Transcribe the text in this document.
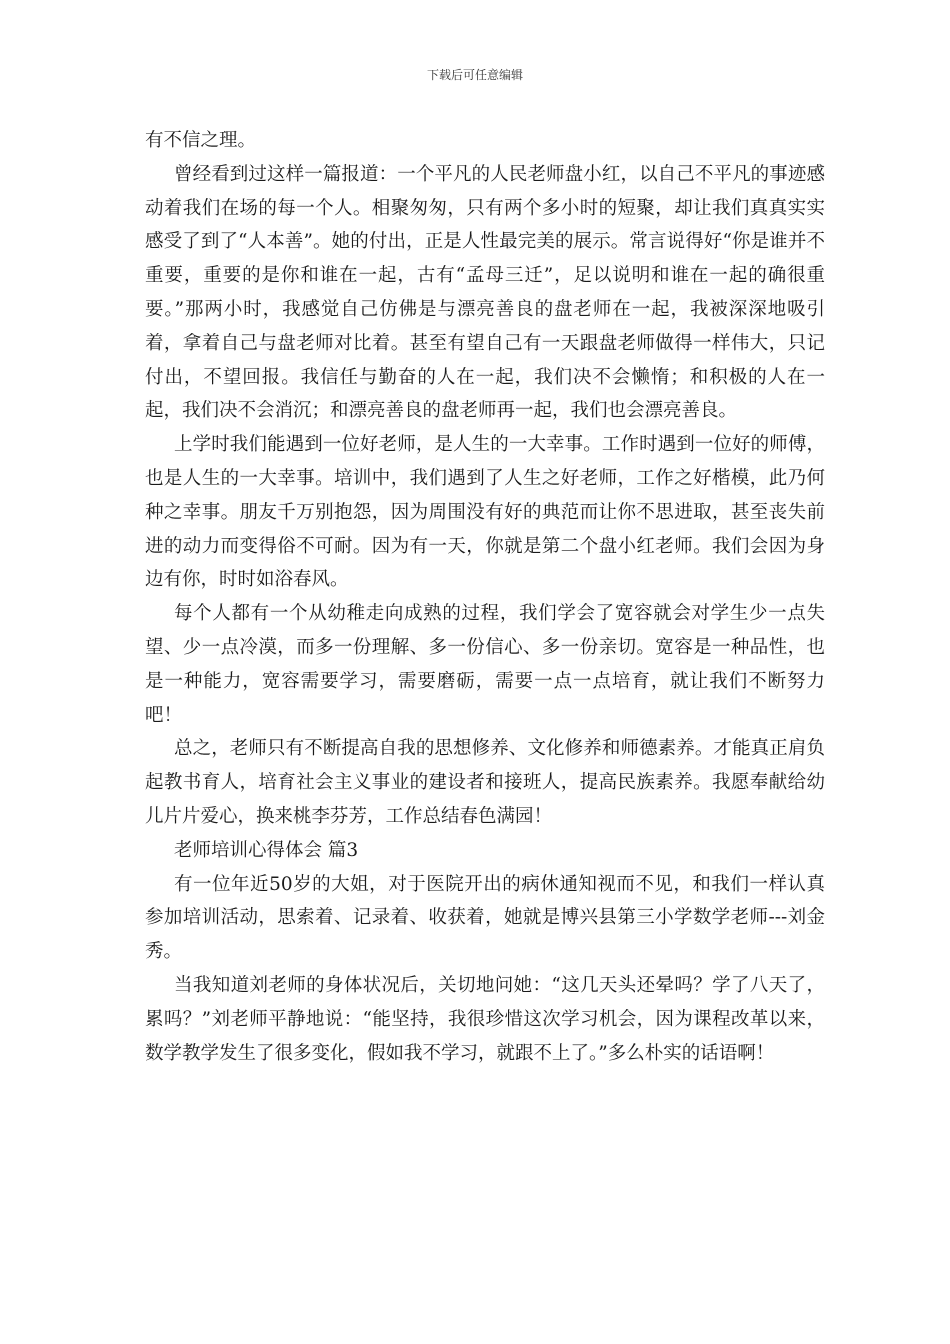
下载后可任意编辑

有不信之理。

曾经看到过这样一篇报道：一个平凡的人民老师盘小红，以自己不平凡的事迹感动着我们在场的每一个人。相聚匆匆，只有两个多小时的短聚，却让我们真真实实感受了到了“人本善”。她的付出，正是人性最完美的展示。常言说得好“你是谁并不重要，重要的是你和谁在一起，古有“孟母三迁”，足以说明和谁在一起的确很重要。”那两小时，我感觉自己仿佛是与漂亮善良的盘老师在一起，我被深深地吸引着，拿着自己与盘老师对比着。甚至有望自己有一天跟盘老师做得一样伟大，只记付出，不望回报。我信任与勤奋的人在一起，我们决不会懒惰；和积极的人在一起，我们决不会消沉；和漂亮善良的盘老师再一起，我们也会漂亮善良。

上学时我们能遇到一位好老师，是人生的一大幸事。工作时遇到一位好的师傅，也是人生的一大幸事。培训中，我们遇到了人生之好老师，工作之好楷模，此乃何种之幸事。朋友千万别抱怨，因为周围没有好的典范而让你不思进取，甚至丧失前进的动力而变得俗不可耐。因为有一天，你就是第二个盘小红老师。我们会因为身边有你，时时如浴春风。

每个人都有一个从幼稚走向成熟的过程，我们学会了宽容就会对学生少一点失望、少一点冷漠，而多一份理解、多一份信心、多一份亲切。宽容是一种品性，也是一种能力，宽容需要学习，需要磨砺，需要一点一点培育，就让我们不断努力吧！

总之，老师只有不断提高自我的思想修养、文化修养和师德素养。才能真正肩负起教书育人，培育社会主义事业的建设者和接班人，提高民族素养。我愿奉献给幼儿片片爱心，换来桃李芬芳，工作总结春色满园！

老师培训心得体会 篇3

有一位年近50岁的大姐，对于医院开出的病休通知视而不见，和我们一样认真参加培训活动，思索着、记录着、收获着，她就是博兴县第三小学数学老师---刘金秀。

当我知道刘老师的身体状况后，关切地问她：“这几天头还晕吗？学了八天了，累吗？”刘老师平静地说：“能坚持，我很珍惜这次学习机会，因为课程改革以来，数学教学发生了很多变化，假如我不学习，就跟不上了。”多么朴实的话语啊！
